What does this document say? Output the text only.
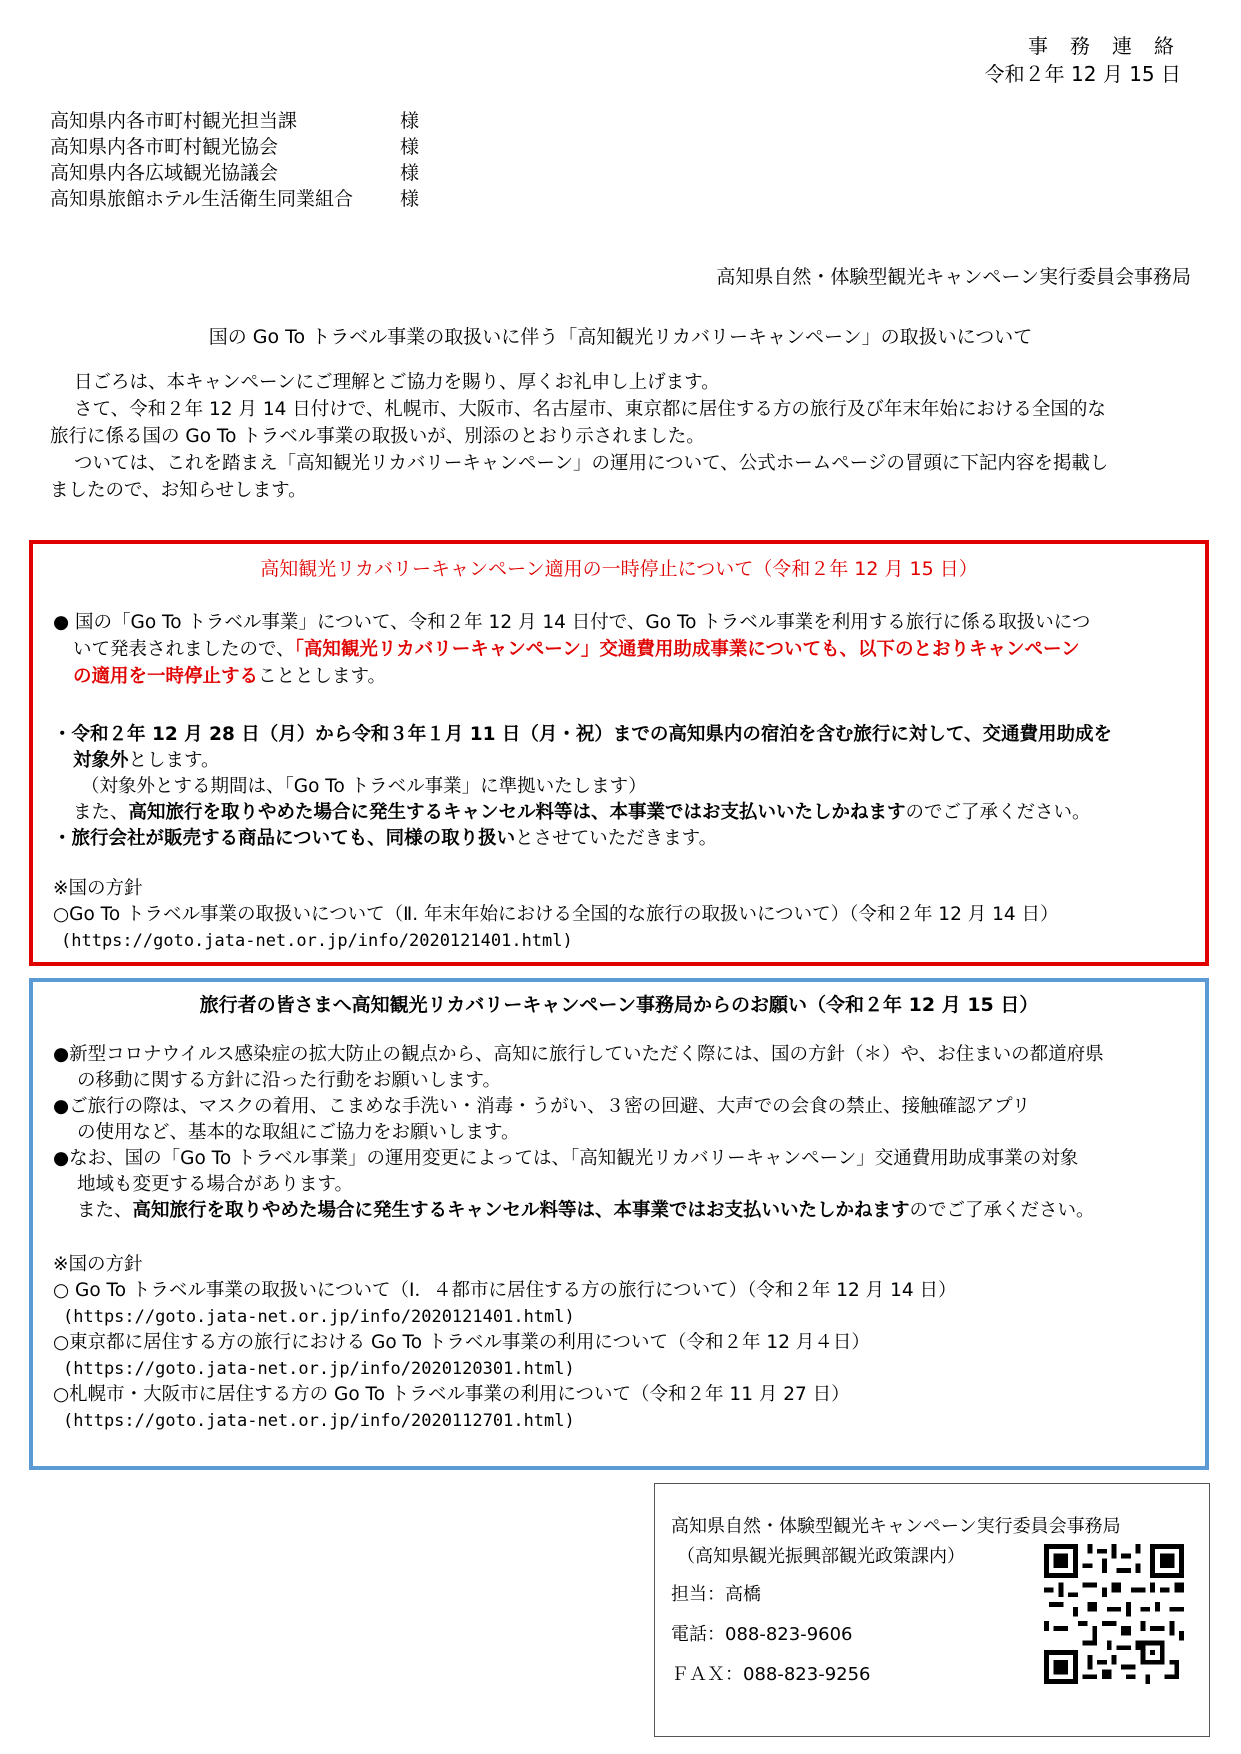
事務連絡
令和２年 12 月 15 日
高知県内各市町村観光担当課	様
高知県内各市町村観光協会	様
高知県内各広域観光協議会	様
高知県旅館ホテル生活衛生同業組合 様
高知県自然・体験型観光キャンペーン実行委員会事務局
国の Go To トラベル事業の取扱いに伴う「高知観光リカバリーキャンペーン」の取扱いについて
日ごろは、本キャンペーンにご理解とご協力を賜り、厚くお礼申し上げます。
さて、令和２年 12 月 14 日付けで、札幌市、大阪市、名古屋市、東京都に居住する方の旅行及び年末年始における全国的な
旅行に係る国の Go To トラベル事業の取扱いが、別添のとおり示されました。
ついては、これを踏まえ「高知観光リカバリーキャンペーン」の運用について、公式ホームページの冒頭に下記内容を掲載し
ましたので、お知らせします。
高知観光リカバリーキャンペーン適用の一時停止について（令和２年 12 月 15 日）
● 国の「Go To トラベル事業」について、令和２年 12 月 14 日付で、Go To トラベル事業を利用する旅行に係る取扱いにつ
いて発表されましたので、「高知観光リカバリーキャンペーン」交通費用助成事業についても、以下のとおりキャンペーン
の適用を一時停止することとします。
・令和２年 12 月 28 日（月）から令和３年１月 11 日（月・祝）までの高知県内の宿泊を含む旅行に対して、交通費用助成を
対象外とします。
（対象外とする期間は、「Go To トラベル事業」に準拠いたします）
また、高知旅行を取りやめた場合に発生するキャンセル料等は、本事業ではお支払いいたしかねますのでご了承ください。
・旅行会社が販売する商品についても、同様の取り扱いとさせていただきます。
※国の方針
○Go To トラベル事業の取扱いについて（Ⅱ. 年末年始における全国的な旅行の取扱いについて）（令和２年 12 月 14 日）
(https://goto.jata-net.or.jp/info/2020121401.html)
旅行者の皆さまへ高知観光リカバリーキャンペーン事務局からのお願い（令和２年 12 月 15 日）
●新型コロナウイルス感染症の拡大防止の観点から、高知に旅行していただく際には、国の方針（＊）や、お住まいの都道府県
の移動に関する方針に沿った行動をお願いします。
●ご旅行の際は、マスクの着用、こまめな手洗い・消毒・うがい、３密の回避、大声での会食の禁止、接触確認アプリ
の使用など、基本的な取組にご協力をお願いします。
●なお、国の「Go To トラベル事業」の運用変更によっては、「高知観光リカバリーキャンペーン」交通費用助成事業の対象
地域も変更する場合があります。
また、高知旅行を取りやめた場合に発生するキャンセル料等は、本事業ではお支払いいたしかねますのでご了承ください。
※国の方針
○ Go To トラベル事業の取扱いについて（Ⅰ．４都市に居住する方の旅行について）（令和２年 12 月 14 日）
(https://goto.jata-net.or.jp/info/2020121401.html)
○東京都に居住する方の旅行における Go To トラベル事業の利用について（令和２年 12 月４日）
(https://goto.jata-net.or.jp/info/2020120301.html)
○札幌市・大阪市に居住する方の Go To トラベル事業の利用について（令和２年 11 月 27 日）
(https://goto.jata-net.or.jp/info/2020112701.html)
高知県自然・体験型観光キャンペーン実行委員会事務局
（高知県観光振興部観光政策課内）
担当：高橋
電話：088-823-9606
ＦＡＸ：088-823-9256
